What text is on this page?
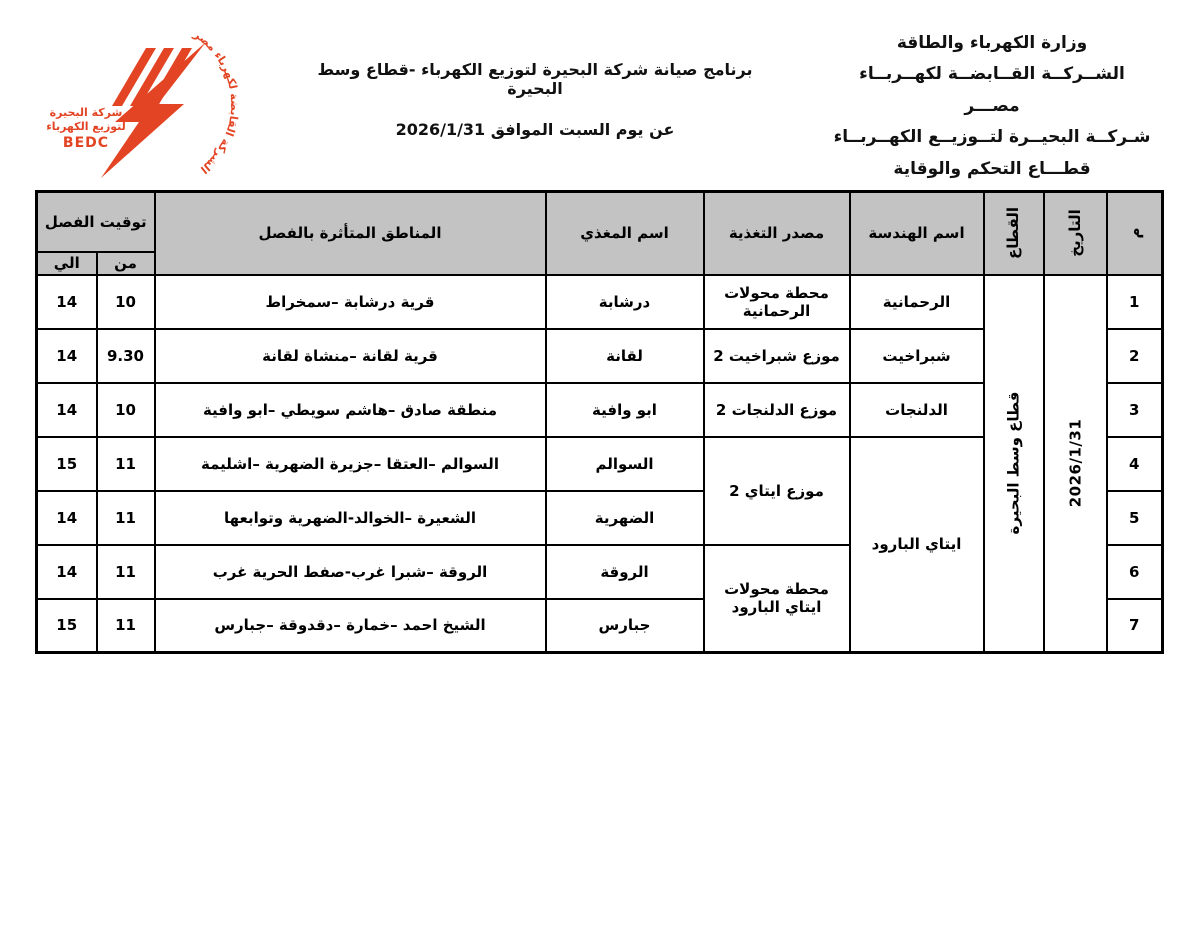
الشركة القابضة لكهرباء مصر
شركة البحيرة
لتوزيع الكهرباء
BEDC
وزارة الكهرباء والطاقة
الشــركــة القــابضــة لكهــربــاء مصـــر
شـركــة البحيــرة لتــوزيــع الكهــربــاء
قطـــاع التحكم والوقاية
برنامج صيانة شركة البحيرة لتوزيع الكهرباء -قطاع وسط البحيرة
عن يوم السبت الموافق 2026/1/31
م	التاريخ	القطاع	اسم الهندسة	مصدر التغذية	اسم المغذي	المناطق المتأثرة بالفصل	توقيت الفصل	
							من	الي
1	2026/1/31	قطاع وسط البحيرة	الرحمانية	محطة محولات الرحمانية	درشابة	قرية درشابة –سمخراط	10	14
2			شبراخيت	موزع شبراخيت 2	لقانة	قرية لقانة –منشاة لقانة	9.30	14
3			الدلنجات	موزع الدلنجات 2	ابو وافية	منطقة صادق –هاشم سويطي –ابو وافية	10	14
4			ايتاي البارود	موزع ايتاي 2	السوالم	السوالم –العتقا –جزيرة الضهرية –اشليمة	11	15
5					الضهرية	الشعيرة –الخوالد-الضهرية وتوابعها	11	14
6				محطة محولات ايتاي البارود	الروقة	الروقة –شبرا غرب-صفط الحرية غرب	11	14
7					جبارس	الشيخ احمد –خمارة –دقدوقة –جبارس	11	15
